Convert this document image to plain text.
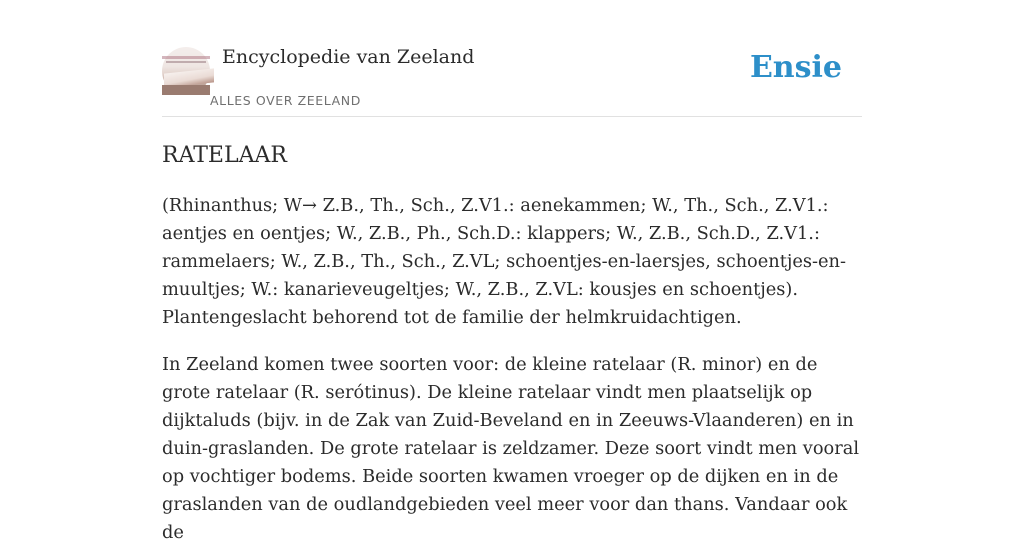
Encyclopedie van Zeeland
ALLES OVER ZEELAND
Ensie
RATELAAR

(Rhinanthus; W→ Z.B., Th., Sch., Z.V1.: aenekammen; W., Th., Sch., Z.V1.: aentjes en oentjes; W., Z.B., Ph., Sch.D.: klappers; W., Z.B., Sch.D., Z.V1.: rammelaers; W., Z.B., Th., Sch., Z.VL; schoentjes-en-laersjes, schoentjes-en-muultjes; W.: kanarieveugeltjes; W., Z.B., Z.VL: kousjes en schoentjes). Plantengeslacht behorend tot de familie der helmkruidachtigen.

In Zeeland komen twee soorten voor: de kleine ratelaar (R. minor) en de grote ratelaar (R. serótinus). De kleine ratelaar vindt men plaatselijk op dijktaluds (bijv. in de Zak van Zuid-Beveland en in Zeeuws-Vlaanderen) en in duin-graslanden. De grote ratelaar is zeldzamer. Deze soort vindt men vooral op vochtiger bodems. Beide soorten kwamen vroeger op de dijken en in de graslanden van de oudlandgebieden veel meer voor dan thans. Vandaar ook de
